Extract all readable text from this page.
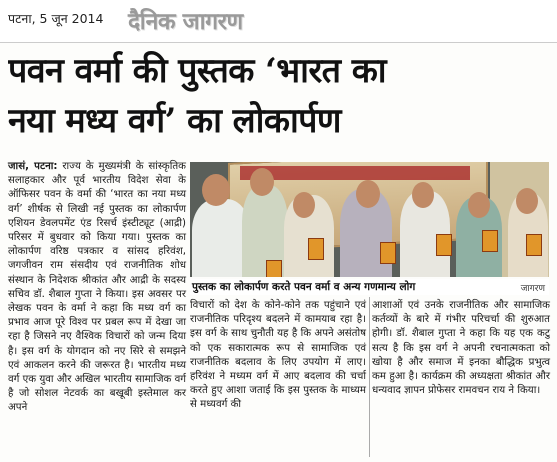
पटना, 5 जून 2014 दैनिक जागरण
पवन वर्मा की पुस्तक ‘भारत का
नया मध्य वर्ग’ का लोकार्पण
पुस्तक का लोकार्पण करते पवन वर्मा व अन्य गणमान्य लोग	जागरण
जासं, पटना: राज्य के मुख्यमंत्री के सांस्कृतिक सलाहकार और पूर्व भारतीय विदेश सेवा के ऑफिसर पवन के वर्मा की ‘भारत का नया मध्य वर्ग’ शीर्षक से लिखी नई पुस्तक का लोकार्पण एशियन डेवलपमेंट एंड रिसर्च इंस्टीट्यूट (आद्री) परिसर में बुधवार को किया गया। पुस्तक का लोकार्पण वरिष्ठ पत्रकार व सांसद हरिवंश, जगजीवन राम संसदीय एवं राजनीतिक शोध संस्थान के निदेशक श्रीकांत और आद्री के सदस्य सचिव डॉ. शैबाल गुप्ता ने किया। इस अवसर पर लेखक पवन के वर्मा ने कहा कि मध्य वर्ग का प्रभाव आज पूरे विश्व पर प्रबल रूप में देखा जा रहा है जिसने नए वैश्विक विचारों को जन्म दिया है। इस वर्ग के योगदान को नए सिरे से समझने एवं आकलन करने की जरूरत है। भारतीय मध्य वर्ग एक युवा और अखिल भारतीय सामाजिक वर्ग है जो सोशल नेटवर्क का बखूबी इस्तेमाल कर अपने
विचारों को देश के कोने-कोने तक पहुंचाने एवं राजनीतिक परिदृश्य बदलने में कामयाब रहा है। इस वर्ग के साथ चुनौती यह है कि अपने असंतोष को एक सकारात्मक रूप से सामाजिक एवं राजनीतिक बदलाव के लिए उपयोग में लाए। हरिवंश ने मध्यम वर्ग में आए बदलाव की चर्चा करते हुए आशा जताई कि इस पुस्तक के माध्यम से मध्यवर्ग की
आशाओं एवं उनके राजनीतिक और सामाजिक कर्तव्यों के बारे में गंभीर परिचर्चा की शुरुआत होगी। डॉ. शैबाल गुप्ता ने कहा कि यह एक कटु सत्य है कि इस वर्ग ने अपनी रचनात्मकता को खोया है और समाज में इनका बौद्धिक प्रभुत्व कम हुआ है। कार्यक्रम की अध्यक्षता श्रीकांत और धन्यवाद ज्ञापन प्रोफेसर रामवचन राय ने किया।
